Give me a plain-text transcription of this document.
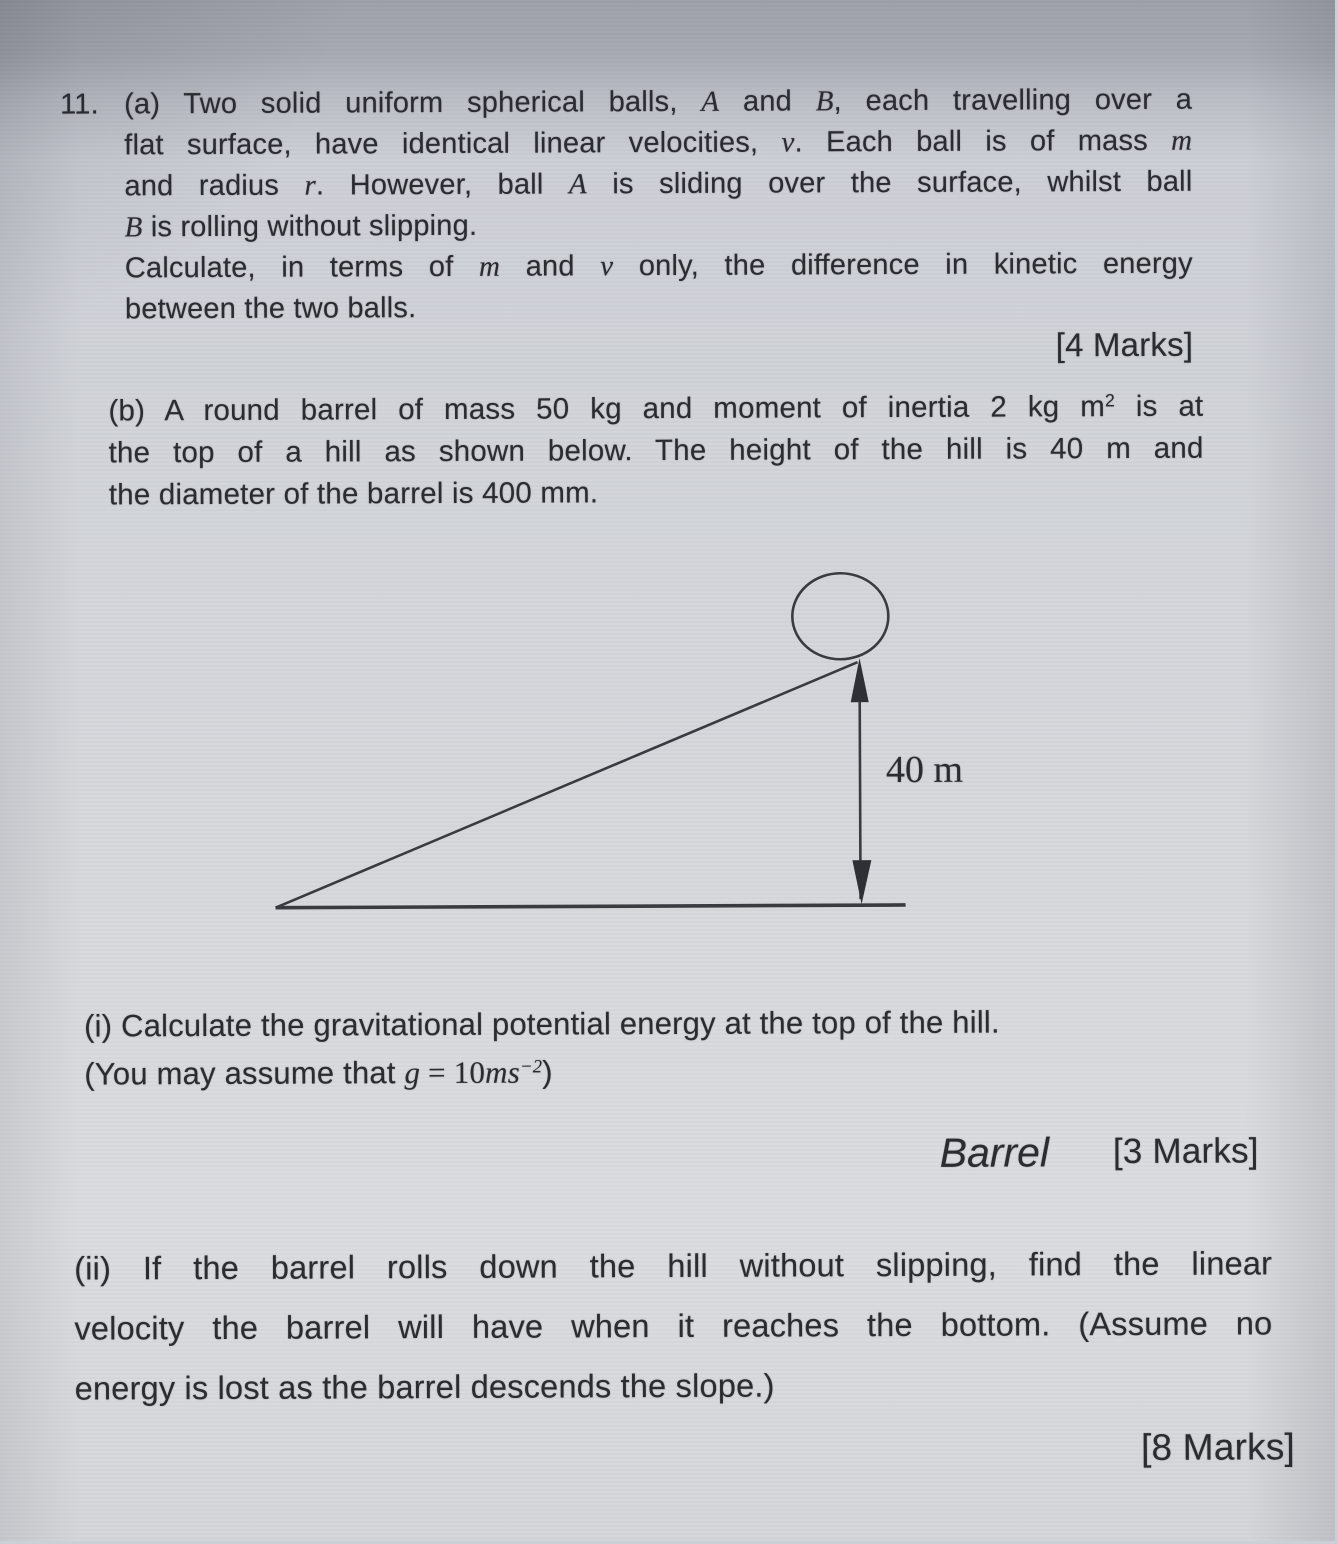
11. (a) Two solid uniform spherical balls, A and B, each travelling over a
flat surface, have identical linear velocities, v. Each ball is of mass m
and radius r. However, ball A is sliding over the surface, whilst ball
B is rolling without slipping.
Calculate, in terms of m and v only, the difference in kinetic energy
between the two balls.
[4 Marks]
(b) A round barrel of mass 50 kg and moment of inertia 2 kg $m^2$ is at
the top of a hill as shown below. The height of the hill is 40 m and
the diameter of the barrel is 400 mm.
Barrel
40 m
(i) Calculate the gravitational potential energy at the top of the hill.
(You may assume that $g = 10ms^{-2}$)
[3 Marks]
(ii) If the barrel rolls down the hill without slipping, find the linear
velocity the barrel will have when it reaches the bottom. (Assume no
energy is lost as the barrel descends the slope.)
[8 Marks]
